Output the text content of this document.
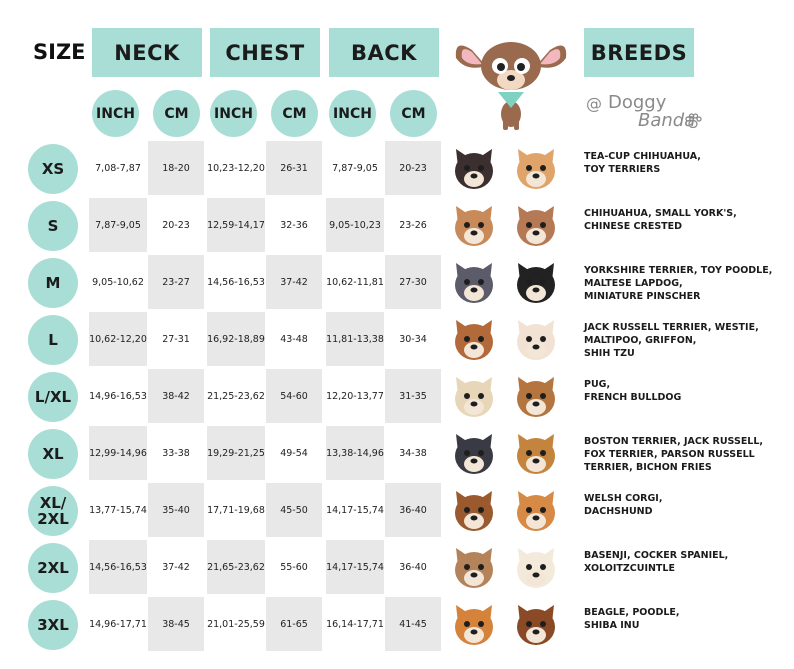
SIZE	NECK	CHEST	BACK	BREEDS
@ Doggy
Banda
INCH	CM	INCH	CM	INCH	CM
XS	7,08-7,87	18-20	10,23-12,20	26-31	7,87-9,05	20-23
TEA-CUP CHIHUAHUA,
TOY TERRIERS
S	7,87-9,05	20-23	12,59-14,17	32-36	9,05-10,23	23-26
CHIHUAHUA, SMALL YORK'S,
CHINESE CRESTED
M	9,05-10,62	23-27	14,56-16,53	37-42	10,62-11,81	27-30
YORKSHIRE TERRIER, TOY POODLE,
MALTESE LAPDOG,
MINIATURE PINSCHER
L	10,62-12,20	27-31	16,92-18,89	43-48	11,81-13,38	30-34
JACK RUSSELL TERRIER, WESTIE,
MALTIPOO, GRIFFON,
SHIH TZU
L/XL	14,96-16,53	38-42	21,25-23,62	54-60	12,20-13,77	31-35
PUG,
FRENCH BULLDOG
XL	12,99-14,96	33-38	19,29-21,25	49-54	13,38-14,96	34-38
BOSTON TERRIER, JACK RUSSELL,
FOX TERRIER, PARSON RUSSELL
TERRIER, BICHON FRIES
XL/
2XL	13,77-15,74	35-40	17,71-19,68	45-50	14,17-15,74	36-40
WELSH CORGI,
DACHSHUND
2XL	14,56-16,53	37-42	21,65-23,62	55-60	14,17-15,74	36-40
BASENJI, COCKER SPANIEL,
XOLOITZCUINTLE
3XL	14,96-17,71	38-45	21,01-25,59	61-65	16,14-17,71	41-45
BEAGLE, POODLE,
SHIBA INU
